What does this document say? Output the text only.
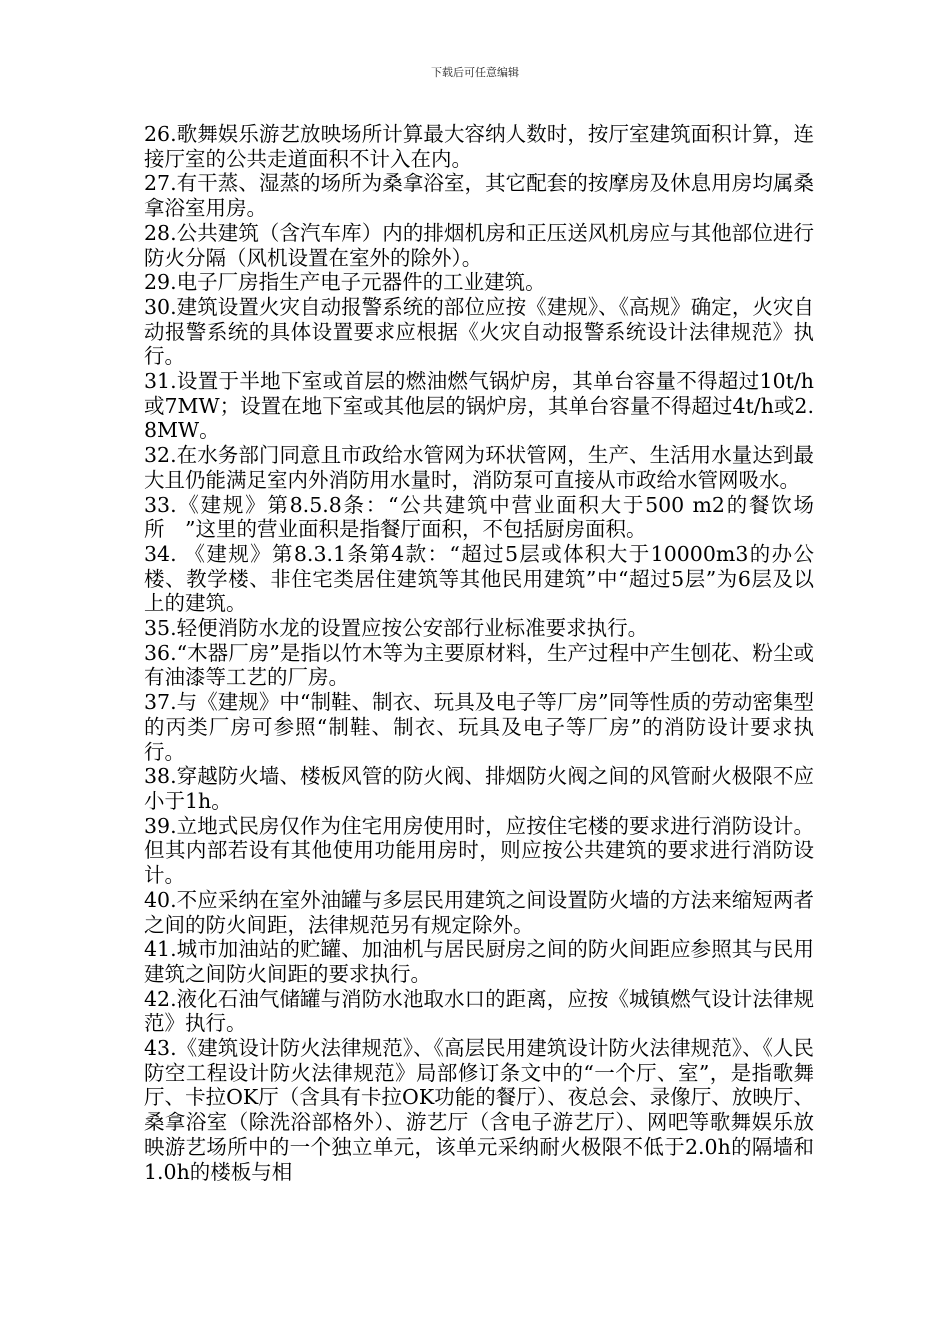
下载后可任意编辑

26.歌舞娱乐游艺放映场所计算最大容纳人数时，按厅室建筑面积计算，连接厅室的公共走道面积不计入在内。

27.有干蒸、湿蒸的场所为桑拿浴室，其它配套的按摩房及休息用房均属桑拿浴室用房。

28.公共建筑（含汽车库）内的排烟机房和正压送风机房应与其他部位进行防火分隔（风机设置在室外的除外）。

29.电子厂房指生产电子元器件的工业建筑。

30.建筑设置火灾自动报警系统的部位应按《建规》、《高规》确定，火灾自动报警系统的具体设置要求应根据《火灾自动报警系统设计法律规范》执行。

31.设置于半地下室或首层的燃油燃气锅炉房，其单台容量不得超过10t/h或7MW；设置在地下室或其他层的锅炉房，其单台容量不得超过4t/h或2.8MW。

32.在水务部门同意且市政给水管网为环状管网，生产、生活用水量达到最大且仍能满足室内外消防用水量时，消防泵可直接从市政给水管网吸水。

33.《建规》第8.5.8条：“公共建筑中营业面积大于500 m2的餐饮场所　”这里的营业面积是指餐厅面积，不包括厨房面积。

34. 《建规》第8.3.1条第4款：“超过5层或体积大于10000m3的办公楼、教学楼、非住宅类居住建筑等其他民用建筑”中“超过5层”为6层及以上的建筑。

35.轻便消防水龙的设置应按公安部行业标准要求执行。

36.“木器厂房”是指以竹木等为主要原材料，生产过程中产生刨花、粉尘或有油漆等工艺的厂房。

37.与《建规》中“制鞋、制衣、玩具及电子等厂房”同等性质的劳动密集型的丙类厂房可参照“制鞋、制衣、玩具及电子等厂房”的消防设计要求执行。

38.穿越防火墙、楼板风管的防火阀、排烟防火阀之间的风管耐火极限不应小于1h。

39.立地式民房仅作为住宅用房使用时，应按住宅楼的要求进行消防设计。但其内部若设有其他使用功能用房时，则应按公共建筑的要求进行消防设计。

40.不应采纳在室外油罐与多层民用建筑之间设置防火墙的方法来缩短两者之间的防火间距，法律规范另有规定除外。

41.城市加油站的贮罐、加油机与居民厨房之间的防火间距应参照其与民用建筑之间防火间距的要求执行。

42.液化石油气储罐与消防水池取水口的距离，应按《城镇燃气设计法律规范》执行。

43.《建筑设计防火法律规范》、《高层民用建筑设计防火法律规范》、《人民防空工程设计防火法律规范》局部修订条文中的“一个厅、室”，是指歌舞厅、卡拉OK厅（含具有卡拉OK功能的餐厅）、夜总会、录像厅、放映厅、桑拿浴室（除洗浴部格外）、游艺厅（含电子游艺厅）、网吧等歌舞娱乐放映游艺场所中的一个独立单元，该单元采纳耐火极限不低于2.0h的隔墙和1.0h的楼板与相
